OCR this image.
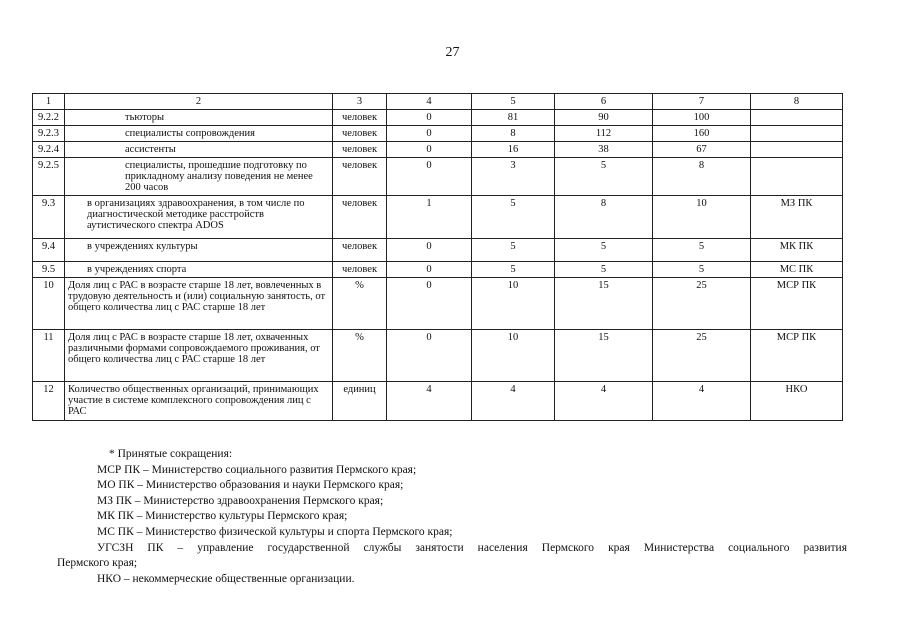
27
1	2	3	4	5	6	7	8
9.2.2	тьюторы	человек	0	81	90	100	
9.2.3	специалисты сопровождения	человек	0	8	112	160	
9.2.4	ассистенты	человек	0	16	38	67	
9.2.5	специалисты, прошедшие подготовку по прикладному анализу поведения не менее 200 часов	человек	0	3	5	8	
9.3	в организациях здравоохранения, в том числе по диагностической методике расстройств аутистического спектра ADOS	человек	1	5	8	10	МЗ ПК
9.4	в учреждениях культуры	человек	0	5	5	5	МК ПК
9.5	в учреждениях спорта	человек	0	5	5	5	МС ПК
10	Доля лиц с РАС в возрасте старше 18 лет, вовлеченных в трудовую деятельность и (или) социальную занятость, от общего количества лиц с РАС старше 18 лет	%	0	10	15	25	МСР ПК
11	Доля лиц с РАС в возрасте старше 18 лет, охваченных различными формами сопровождаемого проживания, от общего количества лиц с РАС старше 18 лет	%	0	10	15	25	МСР ПК
12	Количество общественных организаций, принимающих участие в системе комплексного сопровождения лиц с РАС	единиц	4	4	4	4	НКО
* Принятые сокращения:
МСР ПК – Министерство социального развития Пермского края;
МО ПК – Министерство образования и науки Пермского края;
МЗ ПК – Министерство здравоохранения Пермского края;
МК ПК – Министерство культуры Пермского края;
МС ПК – Министерство физической культуры и спорта Пермского края;
УГСЗН ПК – управление государственной службы занятости населения Пермского края Министерства социального развития
Пермского края;
НКО – некоммерческие общественные организации.
